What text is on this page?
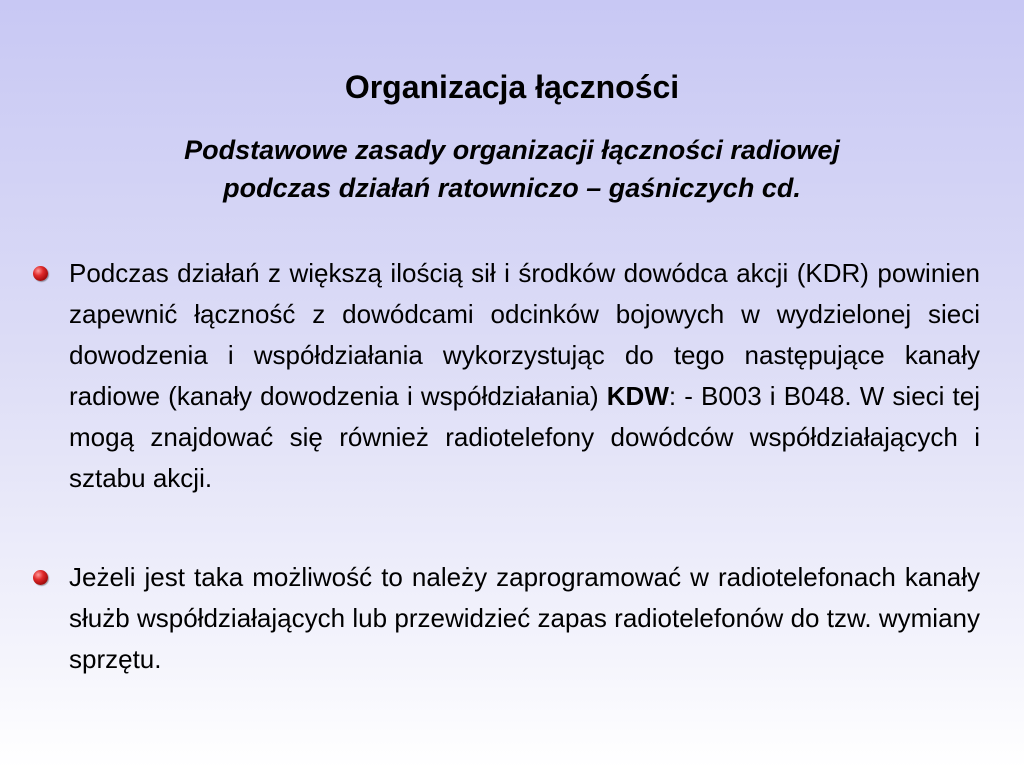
Organizacja łączności
Podstawowe zasady organizacji łączności radiowej
podczas działań ratowniczo – gaśniczych cd.
Podczas działań z większą ilością sił i środków dowódca akcji (KDR) powinien zapewnić łączność z dowódcami odcinków bojowych w wydzielonej sieci dowodzenia i współdziałania wykorzystując do tego następujące kanały radiowe (kanały dowodzenia i współdziałania) KDW: - B003 i B048. W sieci tej mogą znajdować się również radiotelefony dowódców współdziałających i sztabu akcji.
Jeżeli jest taka możliwość to należy zaprogramować w radiotelefonach kanały służb współdziałających lub przewidzieć zapas radiotelefonów do tzw. wymiany sprzętu.
